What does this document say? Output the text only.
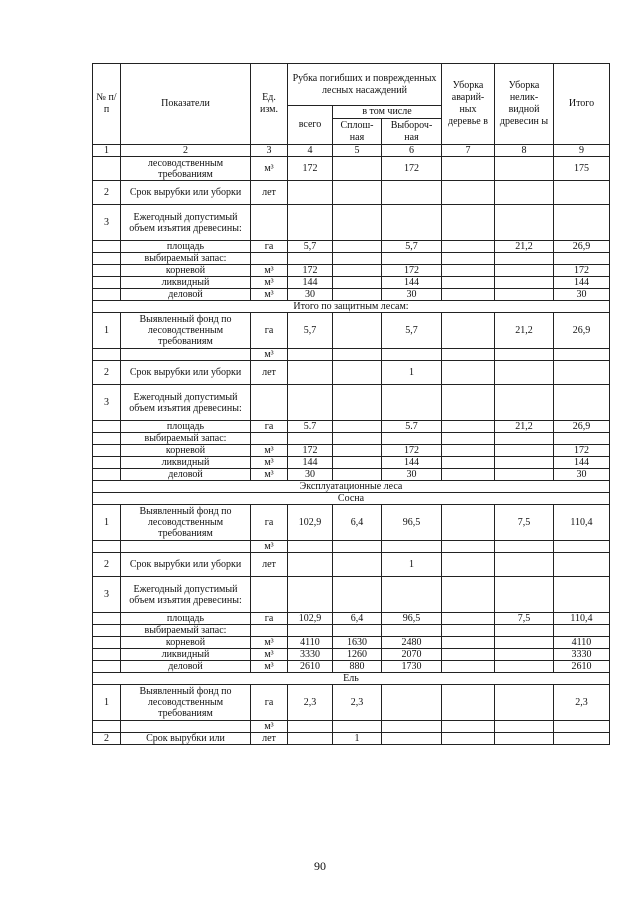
№ п/п	Показатели	Ед. изм.	Рубка погибших и поврежденных лесных насаждений			Уборка аварий-ных деревье в	Уборка нелик-видной древесин ы	Итого
			всего	в том числе				
				Сплош-ная	Выбороч-ная			
1	2	3	4	5	6	7	8	9
	лесоводственным требованиям	м³	172		172			175
2	Срок вырубки или уборки	лет						
3	Ежегодный допустимый объем изъятия древесины:							
	площадь	га	5,7		5,7		21,2	26,9
	выбираемый запас:							
	корневой	м³	172		172			172
	ликвидный	м³	144		144			144
	деловой	м³	30		30			30
Итого по защитным лесам:								
1	Выявленный фонд по лесоводственным требованиям	га	5,7		5,7		21,2	26,9
		м³						
2	Срок вырубки или уборки	лет			1			
3	Ежегодный допустимый объем изъятия древесины:							
	площадь	га	5.7		5.7		21,2	26,9
	выбираемый запас:							
	корневой	м³	172		172			172
	ликвидный	м³	144		144			144
	деловой	м³	30		30			30
Эксплуатационные леса								
Сосна								
1	Выявленный фонд по лесоводственным требованиям	га	102,9	6,4	96,5		7,5	110,4
		м³						
2	Срок вырубки или уборки	лет			1			
3	Ежегодный допустимый объем изъятия древесины:							
	площадь	га	102,9	6,4	96,5		7,5	110,4
	выбираемый запас:							
	корневой	м³	4110	1630	2480			4110
	ликвидный	м³	3330	1260	2070			3330
	деловой	м³	2610	880	1730			2610
Ель								
1	Выявленный фонд по лесоводственным требованиям	га	2,3	2,3				2,3
		м³						
2	Срок вырубки или	лет		1				
90
